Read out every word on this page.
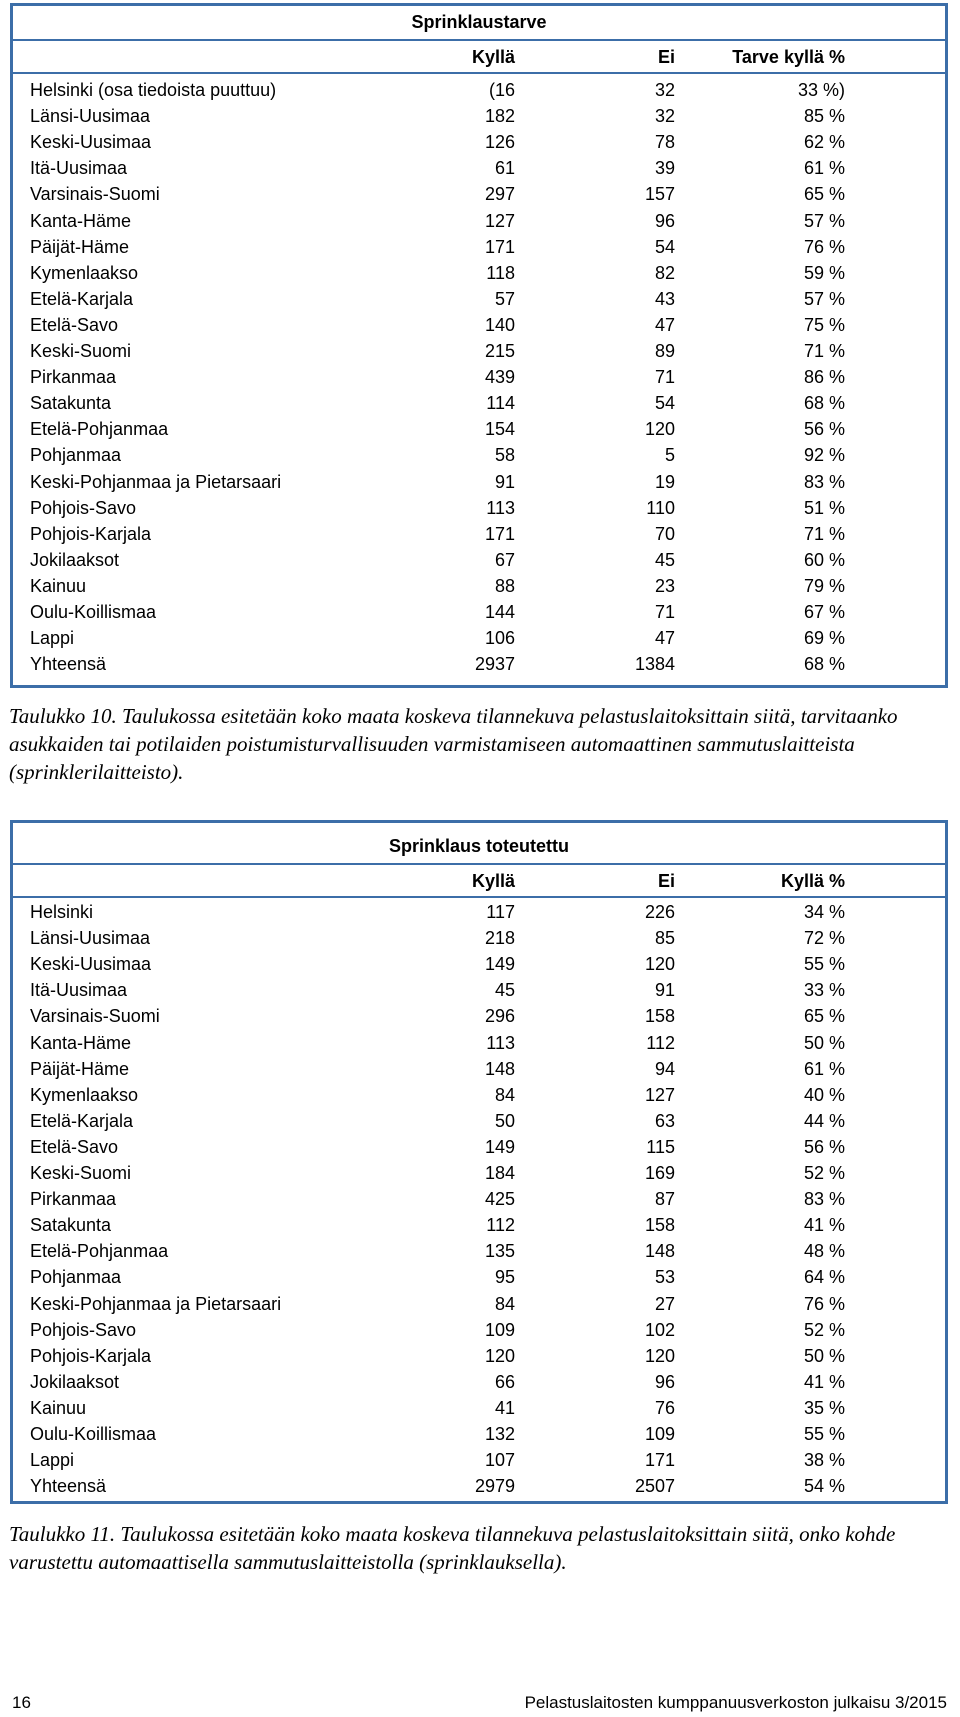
Sprinklaustarve
Kyllä	Ei	Tarve kyllä %
Helsinki (osa tiedoista puuttuu)	(16	32	33 %)
Länsi-Uusimaa	182	32	85 %
Keski-Uusimaa	126	78	62 %
Itä-Uusimaa	61	39	61 %
Varsinais-Suomi	297	157	65 %
Kanta-Häme	127	96	57 %
Päijät-Häme	171	54	76 %
Kymenlaakso	118	82	59 %
Etelä-Karjala	57	43	57 %
Etelä-Savo	140	47	75 %
Keski-Suomi	215	89	71 %
Pirkanmaa	439	71	86 %
Satakunta	114	54	68 %
Etelä-Pohjanmaa	154	120	56 %
Pohjanmaa	58	5	92 %
Keski-Pohjanmaa ja Pietarsaari	91	19	83 %
Pohjois-Savo	113	110	51 %
Pohjois-Karjala	171	70	71 %
Jokilaaksot	67	45	60 %
Kainuu	88	23	79 %
Oulu-Koillismaa	144	71	67 %
Lappi	106	47	69 %
Yhteensä	2937	1384	68 %
Taulukko 10. Taulukossa esitetään koko maata koskeva tilannekuva pelastuslaitoksittain siitä, tarvitaanko asukkaiden tai potilaiden poistumisturvallisuuden varmistamiseen automaattinen sammutuslaitteista (sprinklerilaitteisto).
Sprinklaus toteutettu
Kyllä	Ei	Kyllä %
Helsinki	117	226	34 %
Länsi-Uusimaa	218	85	72 %
Keski-Uusimaa	149	120	55 %
Itä-Uusimaa	45	91	33 %
Varsinais-Suomi	296	158	65 %
Kanta-Häme	113	112	50 %
Päijät-Häme	148	94	61 %
Kymenlaakso	84	127	40 %
Etelä-Karjala	50	63	44 %
Etelä-Savo	149	115	56 %
Keski-Suomi	184	169	52 %
Pirkanmaa	425	87	83 %
Satakunta	112	158	41 %
Etelä-Pohjanmaa	135	148	48 %
Pohjanmaa	95	53	64 %
Keski-Pohjanmaa ja Pietarsaari	84	27	76 %
Pohjois-Savo	109	102	52 %
Pohjois-Karjala	120	120	50 %
Jokilaaksot	66	96	41 %
Kainuu	41	76	35 %
Oulu-Koillismaa	132	109	55 %
Lappi	107	171	38 %
Yhteensä	2979	2507	54 %
Taulukko 11. Taulukossa esitetään koko maata koskeva tilannekuva pelastuslaitoksittain siitä, onko kohde varustettu automaattisella sammutuslaitteistolla (sprinklauksella).
16	Pelastuslaitosten kumppanuusverkoston julkaisu 3/2015
